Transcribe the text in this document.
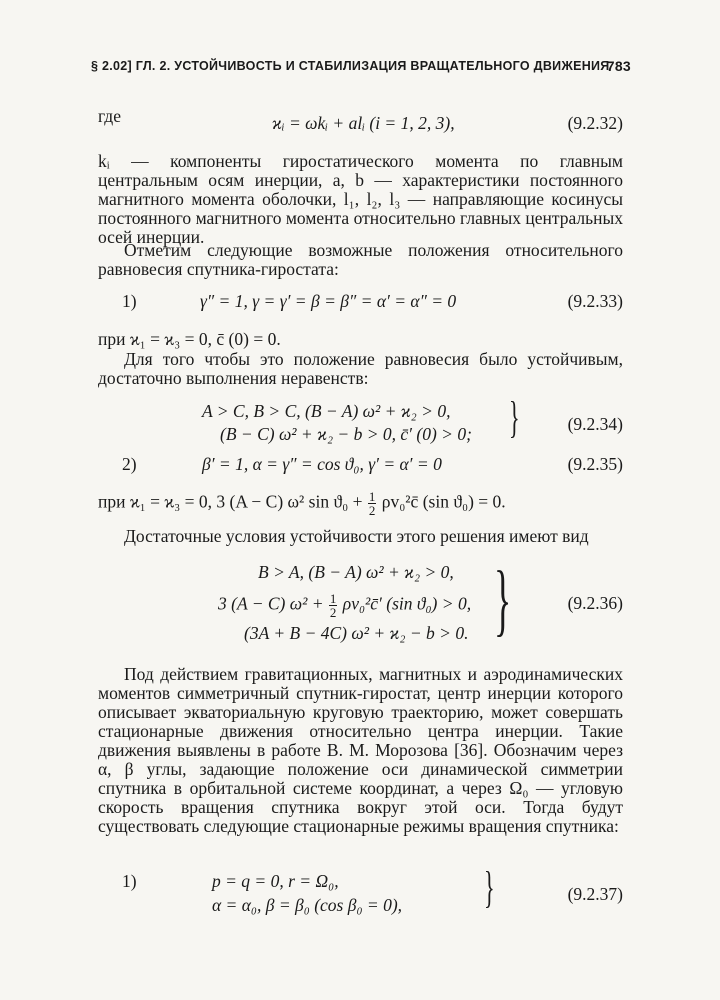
§ 2.02] ГЛ. 2. УСТОЙЧИВОСТЬ И СТАБИЛИЗАЦИЯ ВРАЩАТЕЛЬНОГО ДВИЖЕНИЯ
783
где	ϰᵢ = ωkᵢ + alᵢ (i = 1, 2, 3),	(9.2.32)
kᵢ — компоненты гиростатического момента по главным центральным осям инерции, a, b — характеристики постоянного магнитного момента оболочки, l₁, l₂, l₃ — направляющие косинусы постоянного магнитного момента относительно главных центральных осей инерции.
Отметим следующие возможные положения относительного равновесия спутника-гиростата:
1)	γ″ = 1, γ = γ′ = β = β″ = α′ = α″ = 0	(9.2.33)
при ϰ₁ = ϰ₃ = 0, c̄ (0) = 0.
Для того чтобы это положение равновесия было устойчивым, достаточно выполнения неравенств:
A > C, B > C, (B − A) ω² + ϰ₂ > 0,
(B − C) ω² + ϰ₂ − b > 0, c̄′ (0) > 0; }	(9.2.34)
2)	β′ = 1, α = γ″ = cos ϑ₀, γ′ = α′ = 0	(9.2.35)
при ϰ₁ = ϰ₃ = 0, 3 (A − C) ω² $\sin ϑ_0 + \frac{1}{2}$ ρv₀²c̄ (sin ϑ₀) = 0.
Достаточные условия устойчивости этого решения имеют вид
B > A, (B − A) ω² + ϰ₂ > 0,
3 (A − C) $\omega^2 + \frac{1}{2}$ ρv₀²c̄′ (sin ϑ₀) > 0,
(3A + B − 4C) ω² + ϰ₂ − b > 0. }	(9.2.36)
Под действием гравитационных, магнитных и аэродинамических моментов симметричный спутник-гиростат, центр инерции которого описывает экваториальную круговую траекторию, может совершать стационарные движения относительно центра инерции. Такие движения выявлены в работе В. М. Морозова [36]. Обозначим через α, β углы, задающие положение оси динамической симметрии спутника в орбитальной системе координат, а через Ω₀ — угловую скорость вращения спутника вокруг этой оси. Тогда будут существовать следующие стационарные режимы вращения спутника:
1)	p = q = 0, r = Ω₀,
α = α₀, β = β₀ (cos β₀ = 0), }	(9.2.37)
